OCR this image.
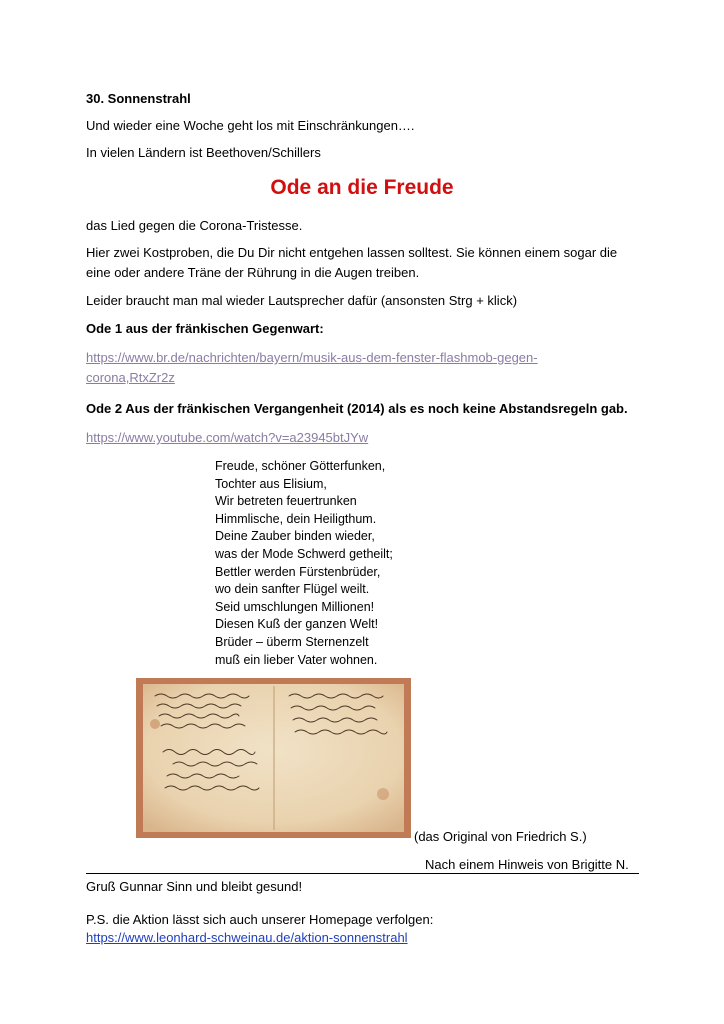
30. Sonnenstrahl
Und wieder eine Woche geht los mit Einschränkungen….
In vielen Ländern ist Beethoven/Schillers
Ode an die Freude
das Lied gegen die Corona-Tristesse.
Hier zwei Kostproben, die Du Dir nicht entgehen lassen solltest. Sie können einem sogar die
eine oder andere Träne der Rührung in die Augen treiben.
Leider braucht man mal wieder Lautsprecher dafür (ansonsten Strg + klick)
Ode 1 aus der fränkischen Gegenwart:
https://www.br.de/nachrichten/bayern/musik-aus-dem-fenster-flashmob-gegen-
corona,RtxZr2z
Ode 2 Aus der fränkischen Vergangenheit (2014) als es noch keine Abstandsregeln gab.
https://www.youtube.com/watch?v=a23945btJYw
Freude, schöner Götterfunken,
Tochter aus Elisium,
Wir betreten feuertrunken
Himmlische, dein Heiligthum.
Deine Zauber binden wieder,
was der Mode Schwerd getheilt;
Bettler werden Fürstenbrüder,
wo dein sanfter Flügel weilt.
Seid umschlungen Millionen!
Diesen Kuß der ganzen Welt!
Brüder – überm Sternenzelt
muß ein lieber Vater wohnen.
(das Original von Friedrich S.)
Nach einem Hinweis von Brigitte N.
Gruß Gunnar Sinn und bleibt gesund!
P.S. die Aktion lässt sich auch unserer Homepage verfolgen:
https://www.leonhard-schweinau.de/aktion-sonnenstrahl
